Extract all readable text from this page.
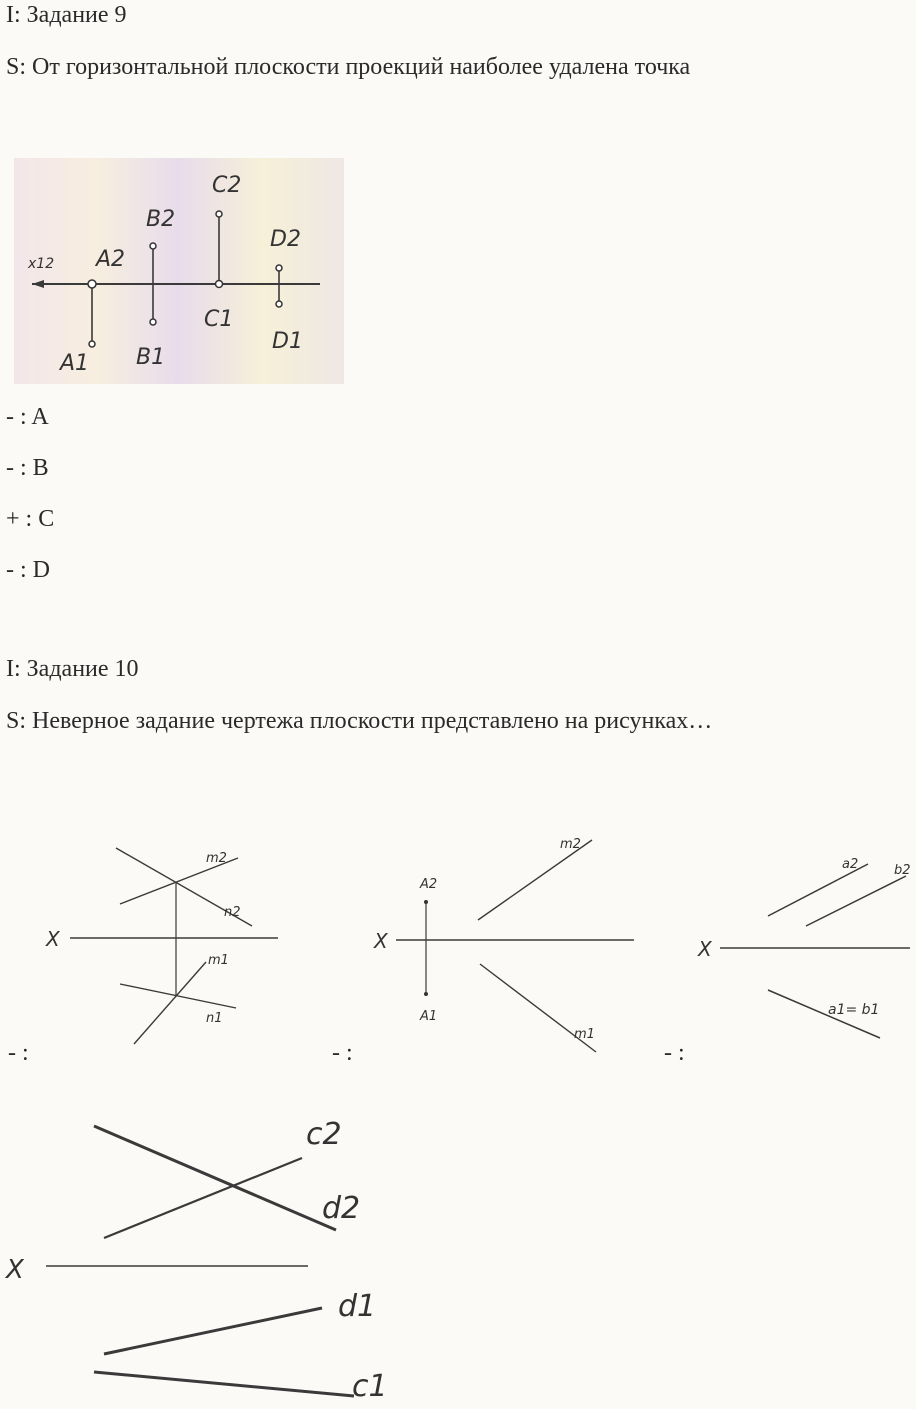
I: Задание 9
S: От горизонтальной плоскости проекций наиболее удалена точка
x12 A2
A1
B2
B1
C2
C1
D2
D1
- : A
- : B
+ : C
- : D
I: Задание 10
S: Неверное задание чертежа плоскости представлено на рисунках…
X
m2
n2
m1
n1
- :
X
A2
A1
m2
m1
- :
X
a2	b2
a1= b1
- :
X
c2
d2
d1
c1
